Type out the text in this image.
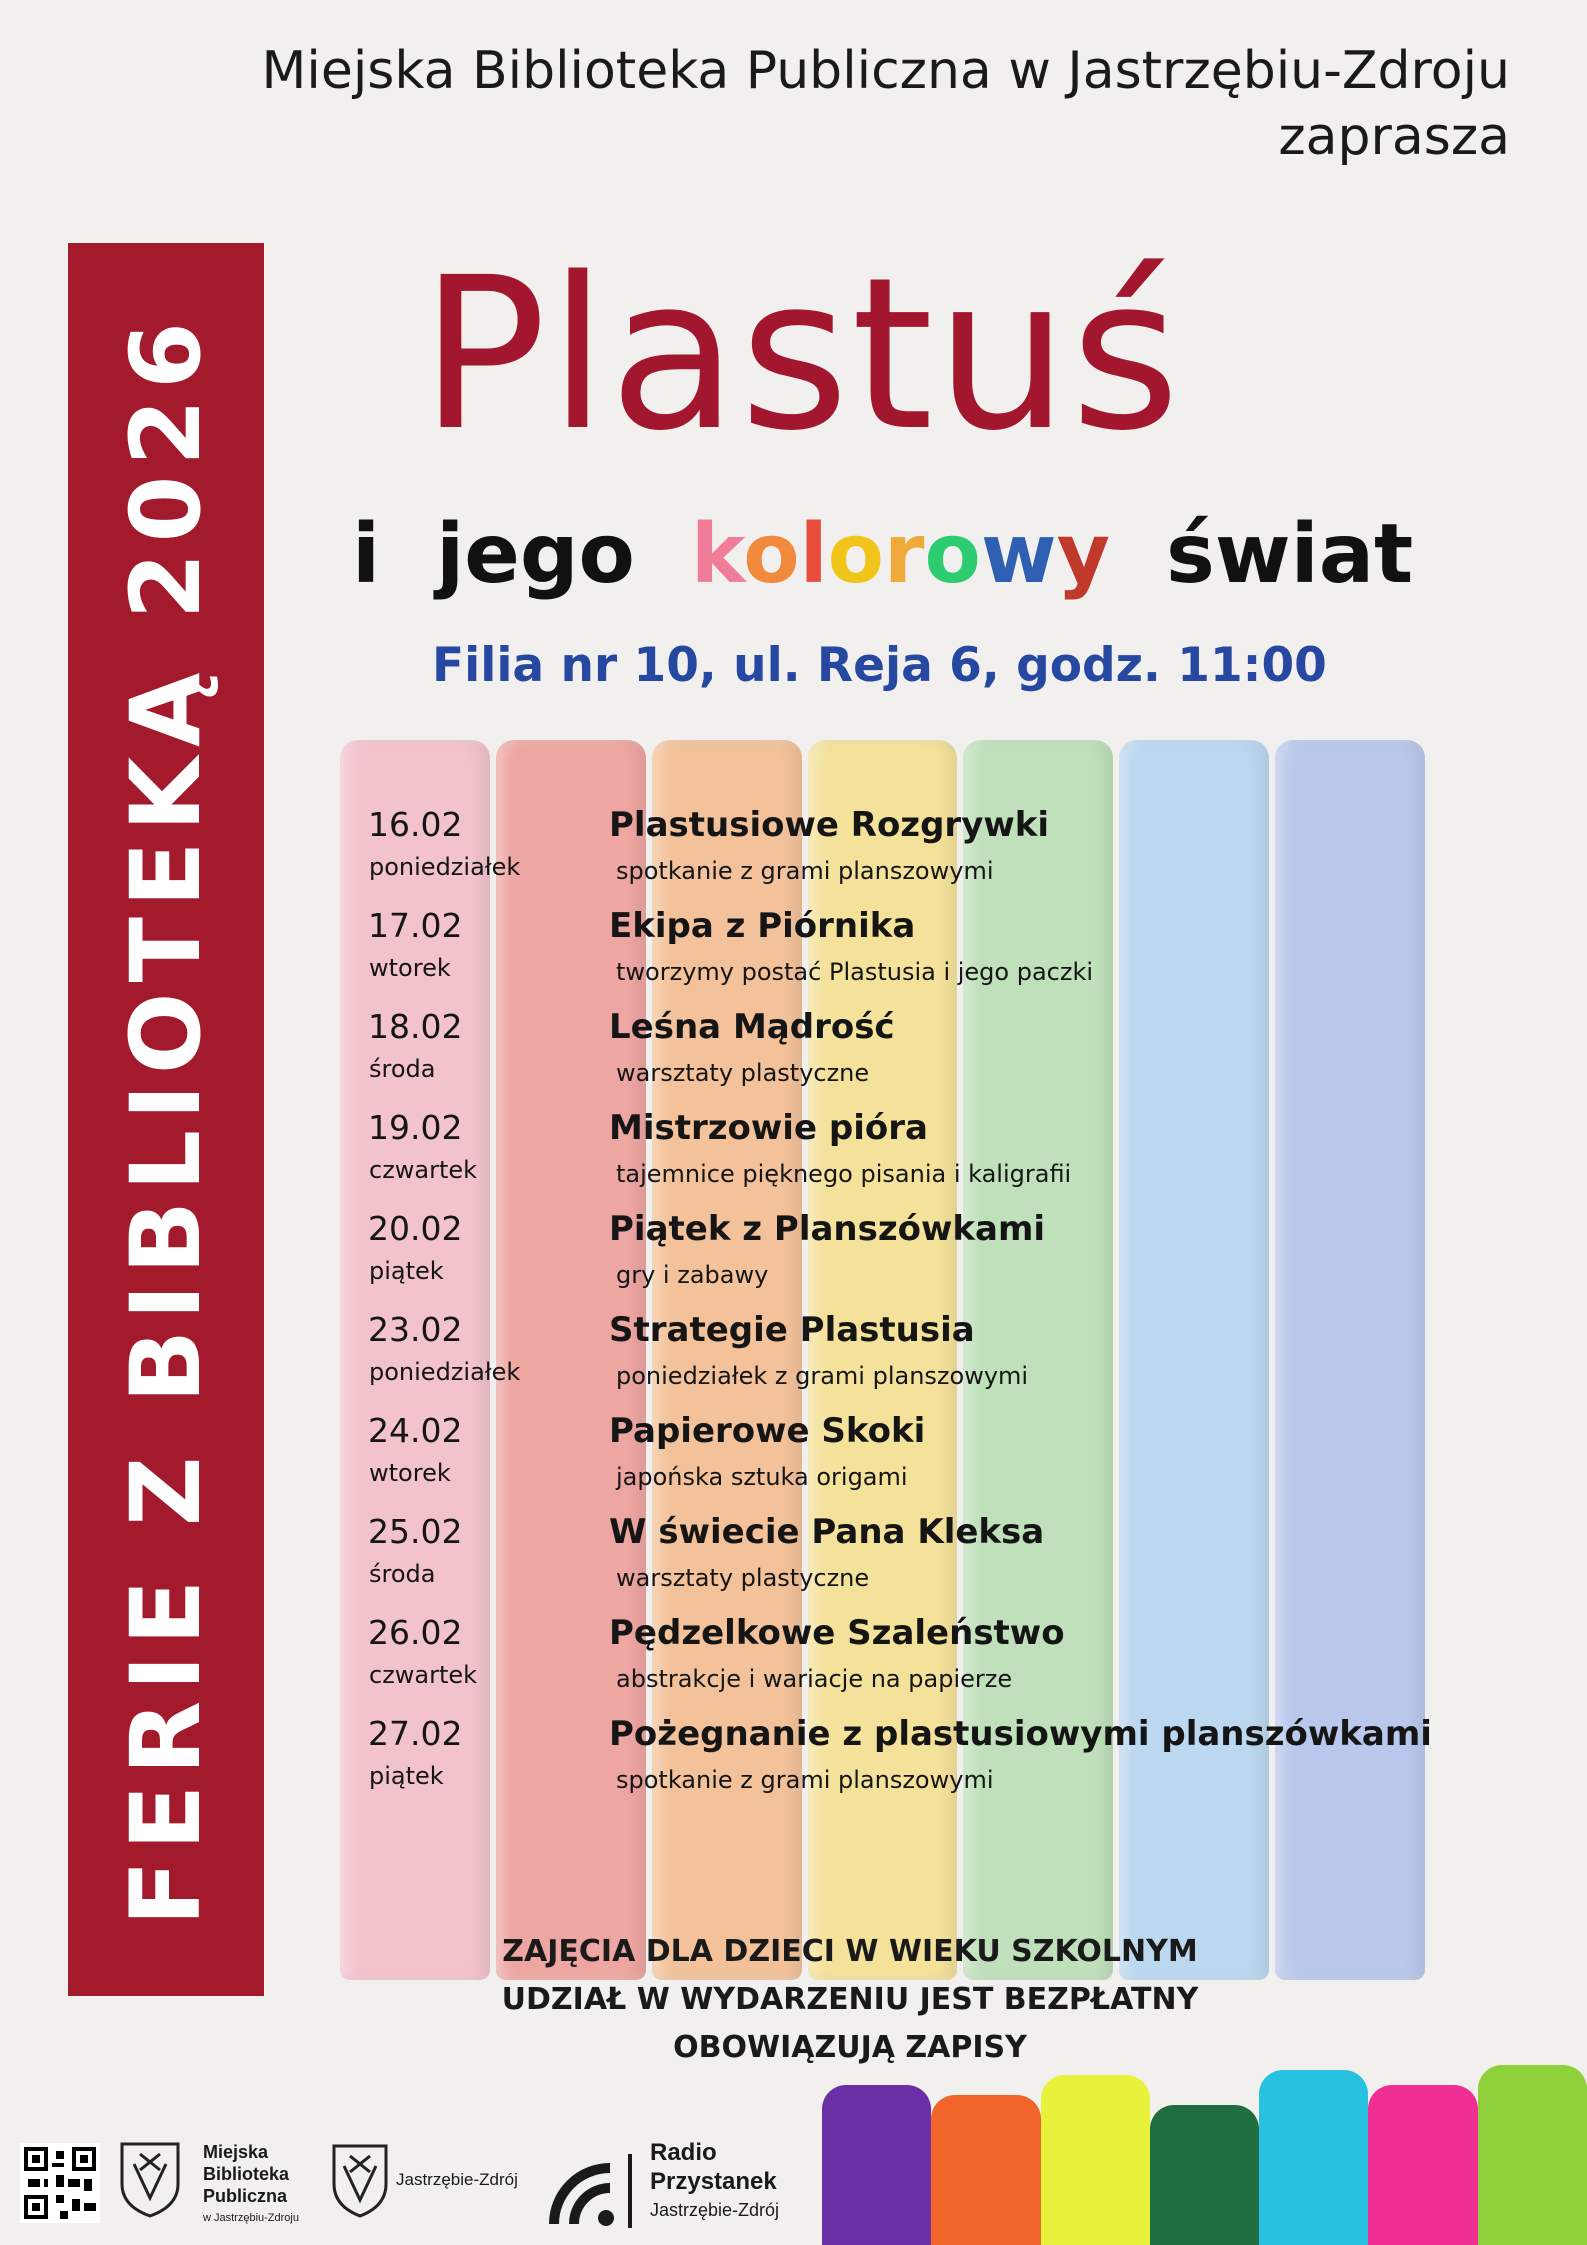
Miejska Biblioteka Publiczna w Jastrzębiu-Zdroju
zaprasza
FERIE Z BIBLIOTEKĄ 2026 Plastuś
i jego kolorowy świat
Filia nr 10, ul. Reja 6, godz. 11:00
16.02
poniedziałek
Plastusiowe Rozgrywki
spotkanie z grami planszowymi
17.02
wtorek
Ekipa z Piórnika
tworzymy postać Plastusia i jego paczki
18.02
środa
Leśna Mądrość
warsztaty plastyczne
19.02
czwartek
Mistrzowie pióra
tajemnice pięknego pisania i kaligrafii
20.02
piątek
Piątek z Planszówkami
gry i zabawy
23.02
poniedziałek
Strategie Plastusia
poniedziałek z grami planszowymi
24.02
wtorek
Papierowe Skoki
japońska sztuka origami
25.02
środa
W świecie Pana Kleksa
warsztaty plastyczne
26.02
czwartek
Pędzelkowe Szaleństwo
abstrakcje i wariacje na papierze
27.02
piątek
Pożegnanie z plastusiowymi planszówkami
spotkanie z grami planszowymi
ZAJĘCIA DLA DZIECI W WIEKU SZKOLNYM
UDZIAŁ W WYDARZENIU JEST BEZPŁATNY
OBOWIĄZUJĄ ZAPISY
Miejska
Biblioteka
Publiczna
w Jastrzębiu-Zdroju
Jastrzębie-Zdrój
Radio
Przystanek
Jastrzębie-Zdrój
